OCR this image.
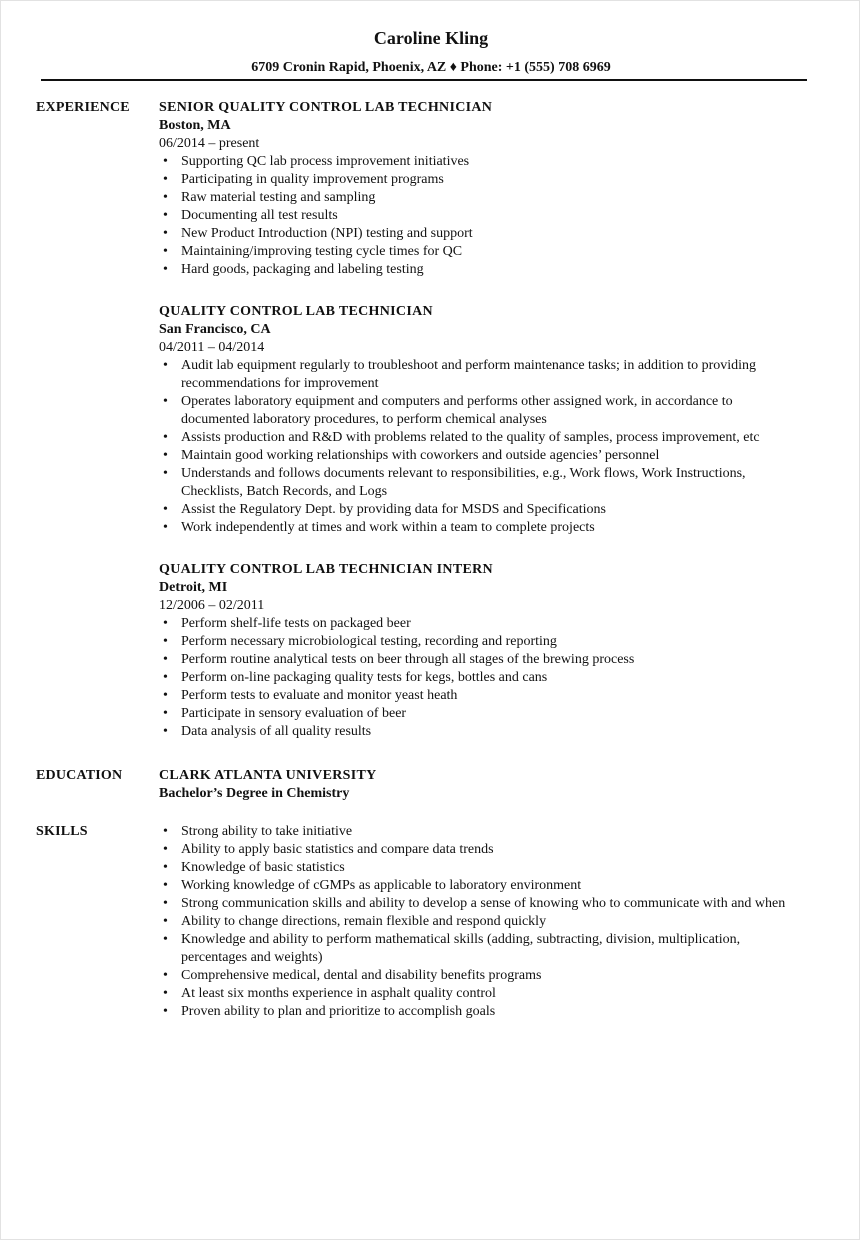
Caroline Kling
6709 Cronin Rapid, Phoenix, AZ ♦ Phone: +1 (555) 708 6969
EXPERIENCE	SENIOR QUALITY CONTROL LAB TECHNICIAN
Boston, MA
06/2014 – present
• Supporting QC lab process improvement initiatives
• Participating in quality improvement programs
• Raw material testing and sampling
• Documenting all test results
• New Product Introduction (NPI) testing and support
• Maintaining/improving testing cycle times for QC
• Hard goods, packaging and labeling testing
QUALITY CONTROL LAB TECHNICIAN
San Francisco, CA
04/2011 – 04/2014
• Audit lab equipment regularly to troubleshoot and perform maintenance tasks; in addition to providing recommendations for improvement
• Operates laboratory equipment and computers and performs other assigned work, in accordance to documented laboratory procedures, to perform chemical analyses
• Assists production and R&D with problems related to the quality of samples, process improvement, etc
• Maintain good working relationships with coworkers and outside agencies’ personnel
• Understands and follows documents relevant to responsibilities, e.g., Work flows, Work Instructions, Checklists, Batch Records, and Logs
• Assist the Regulatory Dept. by providing data for MSDS and Specifications
• Work independently at times and work within a team to complete projects
QUALITY CONTROL LAB TECHNICIAN INTERN
Detroit, MI
12/2006 – 02/2011
• Perform shelf-life tests on packaged beer
• Perform necessary microbiological testing, recording and reporting
• Perform routine analytical tests on beer through all stages of the brewing process
• Perform on-line packaging quality tests for kegs, bottles and cans
• Perform tests to evaluate and monitor yeast heath
• Participate in sensory evaluation of beer
• Data analysis of all quality results
EDUCATION	CLARK ATLANTA UNIVERSITY
Bachelor’s Degree in Chemistry
SKILLS	• Strong ability to take initiative
• Ability to apply basic statistics and compare data trends
• Knowledge of basic statistics
• Working knowledge of cGMPs as applicable to laboratory environment
• Strong communication skills and ability to develop a sense of knowing who to communicate with and when
• Ability to change directions, remain flexible and respond quickly
• Knowledge and ability to perform mathematical skills (adding, subtracting, division, multiplication, percentages and weights)
• Comprehensive medical, dental and disability benefits programs
• At least six months experience in asphalt quality control
• Proven ability to plan and prioritize to accomplish goals
